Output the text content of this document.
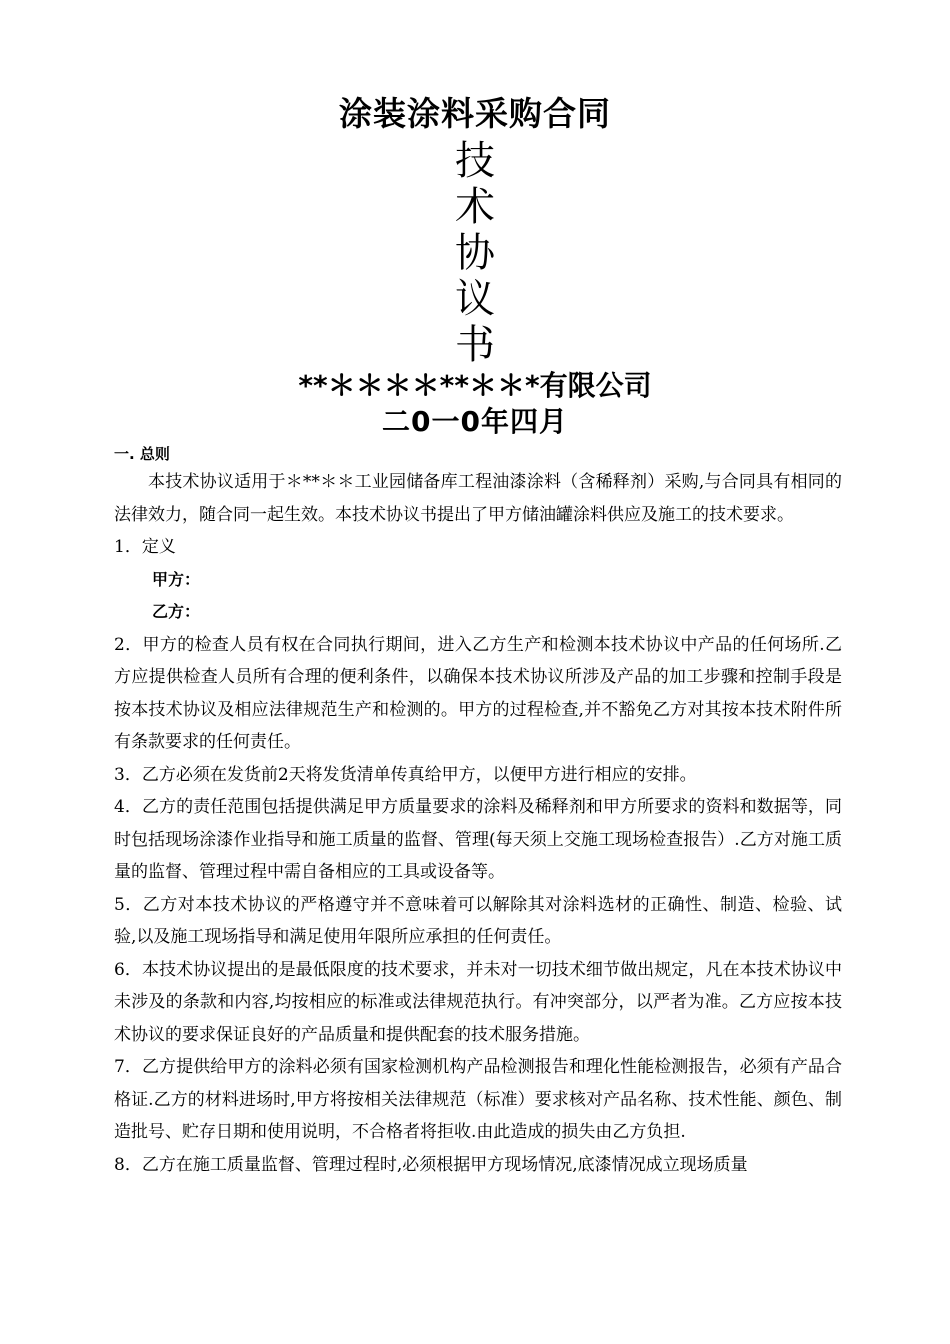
涂装涂料采购合同
技
术
协
议
书
**＊＊＊＊**＊＊*有限公司
二0一0年四月

一. 总则

本技术协议适用于＊**＊＊工业园储备库工程油漆涂料（含稀释剂）采购,与合同具有相同的法律效力，随合同一起生效。本技术协议书提出了甲方储油罐涂料供应及施工的技术要求。

1．定义

甲方：

乙方：

2．甲方的检查人员有权在合同执行期间，进入乙方生产和检测本技术协议中产品的任何场所.乙方应提供检查人员所有合理的便利条件，以确保本技术协议所涉及产品的加工步骤和控制手段是按本技术协议及相应法律规范生产和检测的。甲方的过程检查,并不豁免乙方对其按本技术附件所有条款要求的任何责任。

3．乙方必须在发货前2天将发货清单传真给甲方，以便甲方进行相应的安排。

4．乙方的责任范围包括提供满足甲方质量要求的涂料及稀释剂和甲方所要求的资料和数据等，同时包括现场涂漆作业指导和施工质量的监督、管理(每天须上交施工现场检查报告）.乙方对施工质量的监督、管理过程中需自备相应的工具或设备等。

5．乙方对本技术协议的严格遵守并不意味着可以解除其对涂料选材的正确性、制造、检验、试验,以及施工现场指导和满足使用年限所应承担的任何责任。

6．本技术协议提出的是最低限度的技术要求，并未对一切技术细节做出规定，凡在本技术协议中未涉及的条款和内容,均按相应的标准或法律规范执行。有冲突部分，以严者为准。乙方应按本技术协议的要求保证良好的产品质量和提供配套的技术服务措施。

7．乙方提供给甲方的涂料必须有国家检测机构产品检测报告和理化性能检测报告，必须有产品合格证.乙方的材料进场时,甲方将按相关法律规范（标准）要求核对产品名称、技术性能、颜色、制造批号、贮存日期和使用说明，不合格者将拒收.由此造成的损失由乙方负担.

8．乙方在施工质量监督、管理过程时,必须根据甲方现场情况,底漆情况成立现场质量
